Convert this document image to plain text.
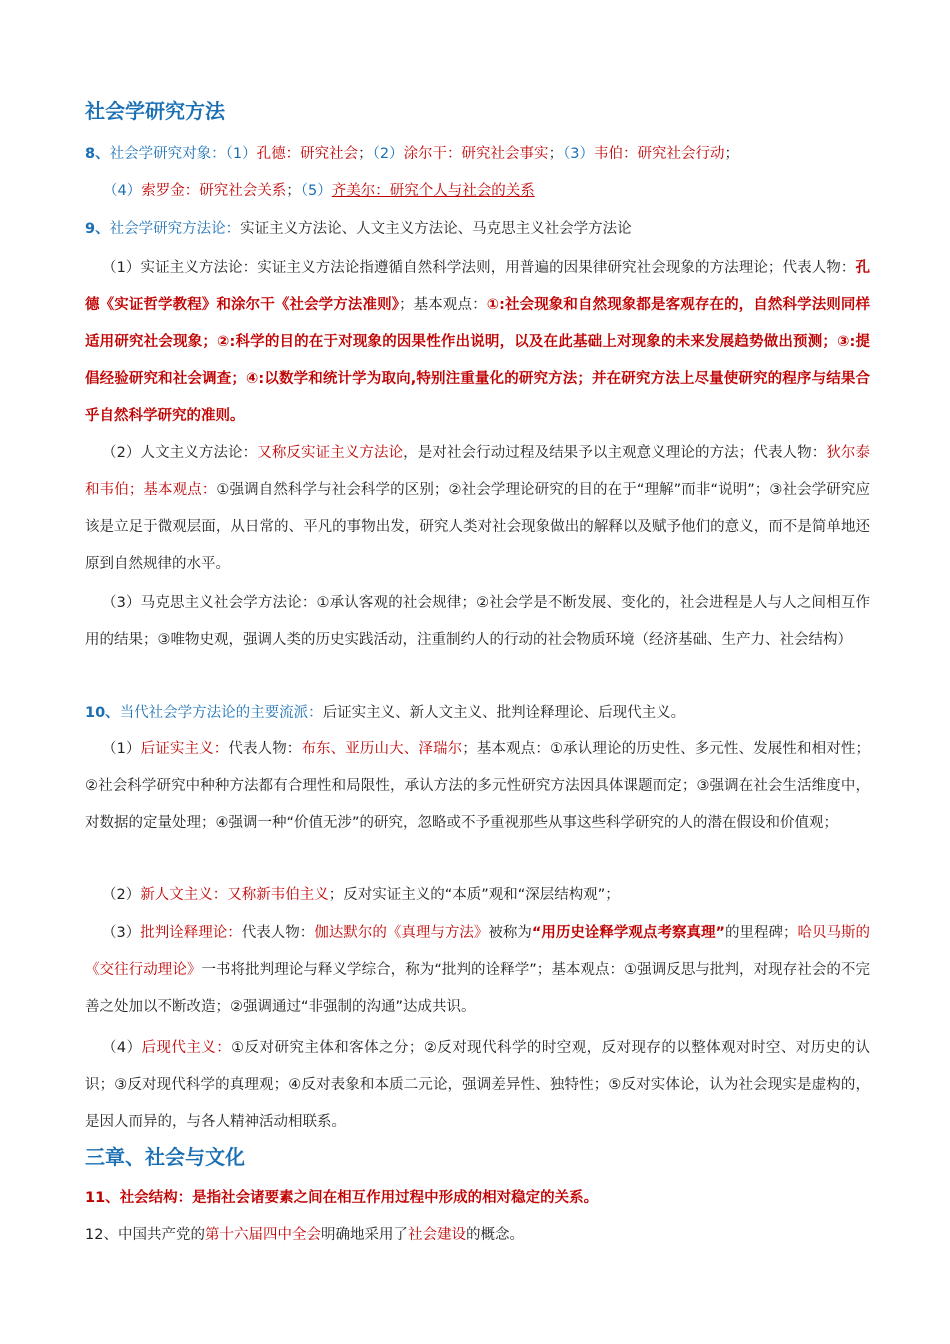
社会学研究方法

8、社会学研究对象：（1）孔德：研究社会；（2）涂尔干：研究社会事实；（3）韦伯：研究社会行动；
（4）索罗金：研究社会关系；（5）齐美尔：研究个人与社会的关系

9、社会学研究方法论：实证主义方法论、人文主义方法论、马克思主义社会学方法论

（1）实证主义方法论：实证主义方法论指遵循自然科学法则，用普遍的因果律研究社会现象的方法理论；代表人物：孔德《实证哲学教程》和涂尔干《社会学方法准则》；基本观点：①:社会现象和自然现象都是客观存在的，自然科学法则同样适用研究社会现象；②:科学的目的在于对现象的因果性作出说明，以及在此基础上对现象的未来发展趋势做出预测；③:提倡经验研究和社会调查；④:以数学和统计学为取向,特别注重量化的研究方法；并在研究方法上尽量使研究的程序与结果合乎自然科学研究的准则。

（2）人文主义方法论：又称反实证主义方法论，是对社会行动过程及结果予以主观意义理论的方法；代表人物：狄尔泰和韦伯；基本观点：①强调自然科学与社会科学的区别；②社会学理论研究的目的在于“理解”而非“说明”；③社会学研究应该是立足于微观层面，从日常的、平凡的事物出发，研究人类对社会现象做出的解释以及赋予他们的意义，而不是简单地还原到自然规律的水平。

（3）马克思主义社会学方法论：①承认客观的社会规律；②社会学是不断发展、变化的，社会进程是人与人之间相互作用的结果；③唯物史观，强调人类的历史实践活动，注重制约人的行动的社会物质环境（经济基础、生产力、社会结构）

10、当代社会学方法论的主要流派：后证实主义、新人文主义、批判诠释理论、后现代主义。

（1）后证实主义：代表人物：布东、亚历山大、泽瑞尔；基本观点：①承认理论的历史性、多元性、发展性和相对性；②社会科学研究中种种方法都有合理性和局限性，承认方法的多元性研究方法因具体课题而定；③强调在社会生活维度中，对数据的定量处理；④强调一种“价值无涉”的研究，忽略或不予重视那些从事这些科学研究的人的潜在假设和价值观；

（2）新人文主义：又称新韦伯主义；反对实证主义的“本质”观和“深层结构观”；

（3）批判诠释理论：代表人物：伽达默尔的《真理与方法》被称为“用历史诠释学观点考察真理”的里程碑；哈贝马斯的《交往行动理论》一书将批判理论与释义学综合，称为“批判的诠释学”；基本观点：①强调反思与批判，对现存社会的不完善之处加以不断改造；②强调通过“非强制的沟通”达成共识。

（4）后现代主义：①反对研究主体和客体之分；②反对现代科学的时空观，反对现存的以整体观对时空、对历史的认识；③反对现代科学的真理观；④反对表象和本质二元论，强调差异性、独特性；⑤反对实体论，认为社会现实是虚构的，是因人而异的，与各人精神活动相联系。

三章、社会与文化

11、社会结构：是指社会诸要素之间在相互作用过程中形成的相对稳定的关系。

12、中国共产党的第十六届四中全会明确地采用了社会建设的概念。
